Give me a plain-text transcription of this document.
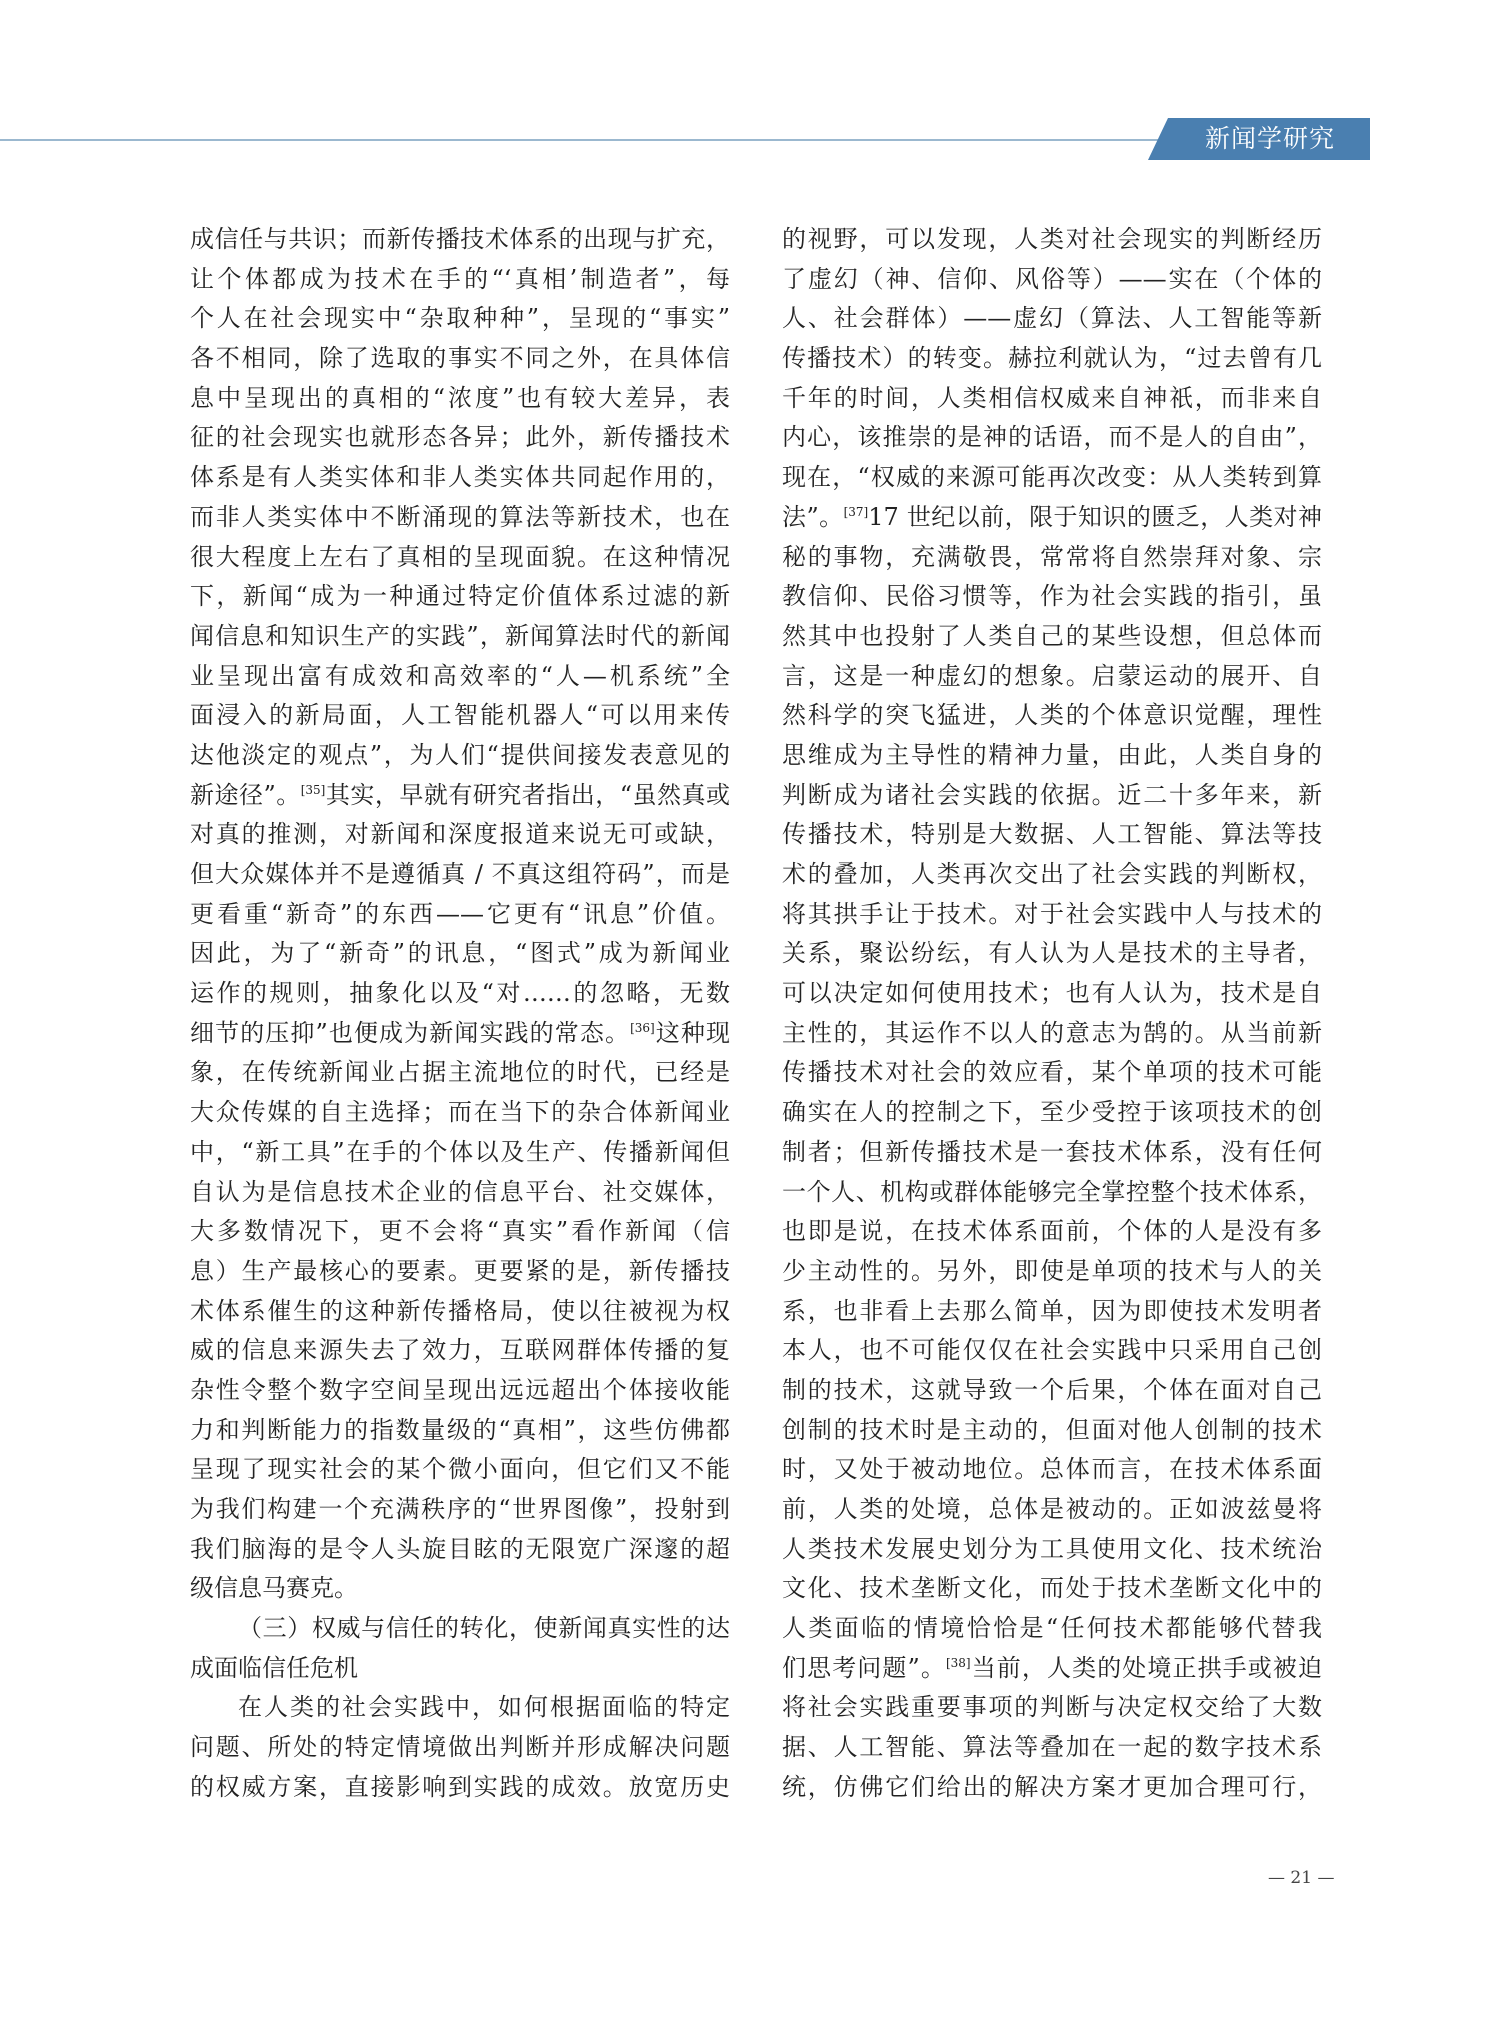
新闻学研究
成信任与共识；而新传播技术体系的出现与扩充，
让个体都成为技术在手的“‘真相’制造者”，每
个人在社会现实中“杂取种种”，呈现的“事实”
各不相同，除了选取的事实不同之外，在具体信
息中呈现出的真相的“浓度”也有较大差异，表
征的社会现实也就形态各异；此外，新传播技术
体系是有人类实体和非人类实体共同起作用的，
而非人类实体中不断涌现的算法等新技术，也在
很大程度上左右了真相的呈现面貌。在这种情况
下，新闻“成为一种通过特定价值体系过滤的新
闻信息和知识生产的实践”，新闻算法时代的新闻
业呈现出富有成效和高效率的“人—机系统”全
面浸入的新局面，人工智能机器人“可以用来传
达他淡定的观点”，为人们“提供间接发表意见的
新途径”。[35]其实，早就有研究者指出，“虽然真或
对真的推测，对新闻和深度报道来说无可或缺，
但大众媒体并不是遵循真 / 不真这组符码”，而是
更看重“新奇”的东西——它更有“讯息”价值。
因此，为了“新奇”的讯息，“图式”成为新闻业
运作的规则，抽象化以及“对……的忽略，无数
细节的压抑”也便成为新闻实践的常态。[36]这种现
象，在传统新闻业占据主流地位的时代，已经是
大众传媒的自主选择；而在当下的杂合体新闻业
中，“新工具”在手的个体以及生产、传播新闻但
自认为是信息技术企业的信息平台、社交媒体，
大多数情况下，更不会将“真实”看作新闻（信
息）生产最核心的要素。更要紧的是，新传播技
术体系催生的这种新传播格局，使以往被视为权
威的信息来源失去了效力，互联网群体传播的复
杂性令整个数字空间呈现出远远超出个体接收能
力和判断能力的指数量级的“真相”，这些仿佛都
呈现了现实社会的某个微小面向，但它们又不能
为我们构建一个充满秩序的“世界图像”，投射到
我们脑海的是令人头旋目眩的无限宽广深邃的超
级信息马赛克。
（三）权威与信任的转化，使新闻真实性的达
成面临信任危机
在人类的社会实践中，如何根据面临的特定
问题、所处的特定情境做出判断并形成解决问题
的权威方案，直接影响到实践的成效。放宽历史
的视野，可以发现，人类对社会现实的判断经历
了虚幻（神、信仰、风俗等）——实在（个体的
人、社会群体）——虚幻（算法、人工智能等新
传播技术）的转变。赫拉利就认为，“过去曾有几
千年的时间，人类相信权威来自神祇，而非来自
内心，该推崇的是神的话语，而不是人的自由”，
现在，“权威的来源可能再次改变：从人类转到算
法”。[37]17 世纪以前，限于知识的匮乏，人类对神
秘的事物，充满敬畏，常常将自然崇拜对象、宗
教信仰、民俗习惯等，作为社会实践的指引，虽
然其中也投射了人类自己的某些设想，但总体而
言，这是一种虚幻的想象。启蒙运动的展开、自
然科学的突飞猛进，人类的个体意识觉醒，理性
思维成为主导性的精神力量，由此，人类自身的
判断成为诸社会实践的依据。近二十多年来，新
传播技术，特别是大数据、人工智能、算法等技
术的叠加，人类再次交出了社会实践的判断权，
将其拱手让于技术。对于社会实践中人与技术的
关系，聚讼纷纭，有人认为人是技术的主导者，
可以决定如何使用技术；也有人认为，技术是自
主性的，其运作不以人的意志为鹄的。从当前新
传播技术对社会的效应看，某个单项的技术可能
确实在人的控制之下，至少受控于该项技术的创
制者；但新传播技术是一套技术体系，没有任何
一个人、机构或群体能够完全掌控整个技术体系，
也即是说，在技术体系面前，个体的人是没有多
少主动性的。另外，即使是单项的技术与人的关
系，也非看上去那么简单，因为即使技术发明者
本人，也不可能仅仅在社会实践中只采用自己创
制的技术，这就导致一个后果，个体在面对自己
创制的技术时是主动的，但面对他人创制的技术
时，又处于被动地位。总体而言，在技术体系面
前，人类的处境，总体是被动的。正如波兹曼将
人类技术发展史划分为工具使用文化、技术统治
文化、技术垄断文化，而处于技术垄断文化中的
人类面临的情境恰恰是“任何技术都能够代替我
们思考问题”。[38]当前，人类的处境正拱手或被迫
将社会实践重要事项的判断与决定权交给了大数
据、人工智能、算法等叠加在一起的数字技术系
统，仿佛它们给出的解决方案才更加合理可行，
— 21 —
